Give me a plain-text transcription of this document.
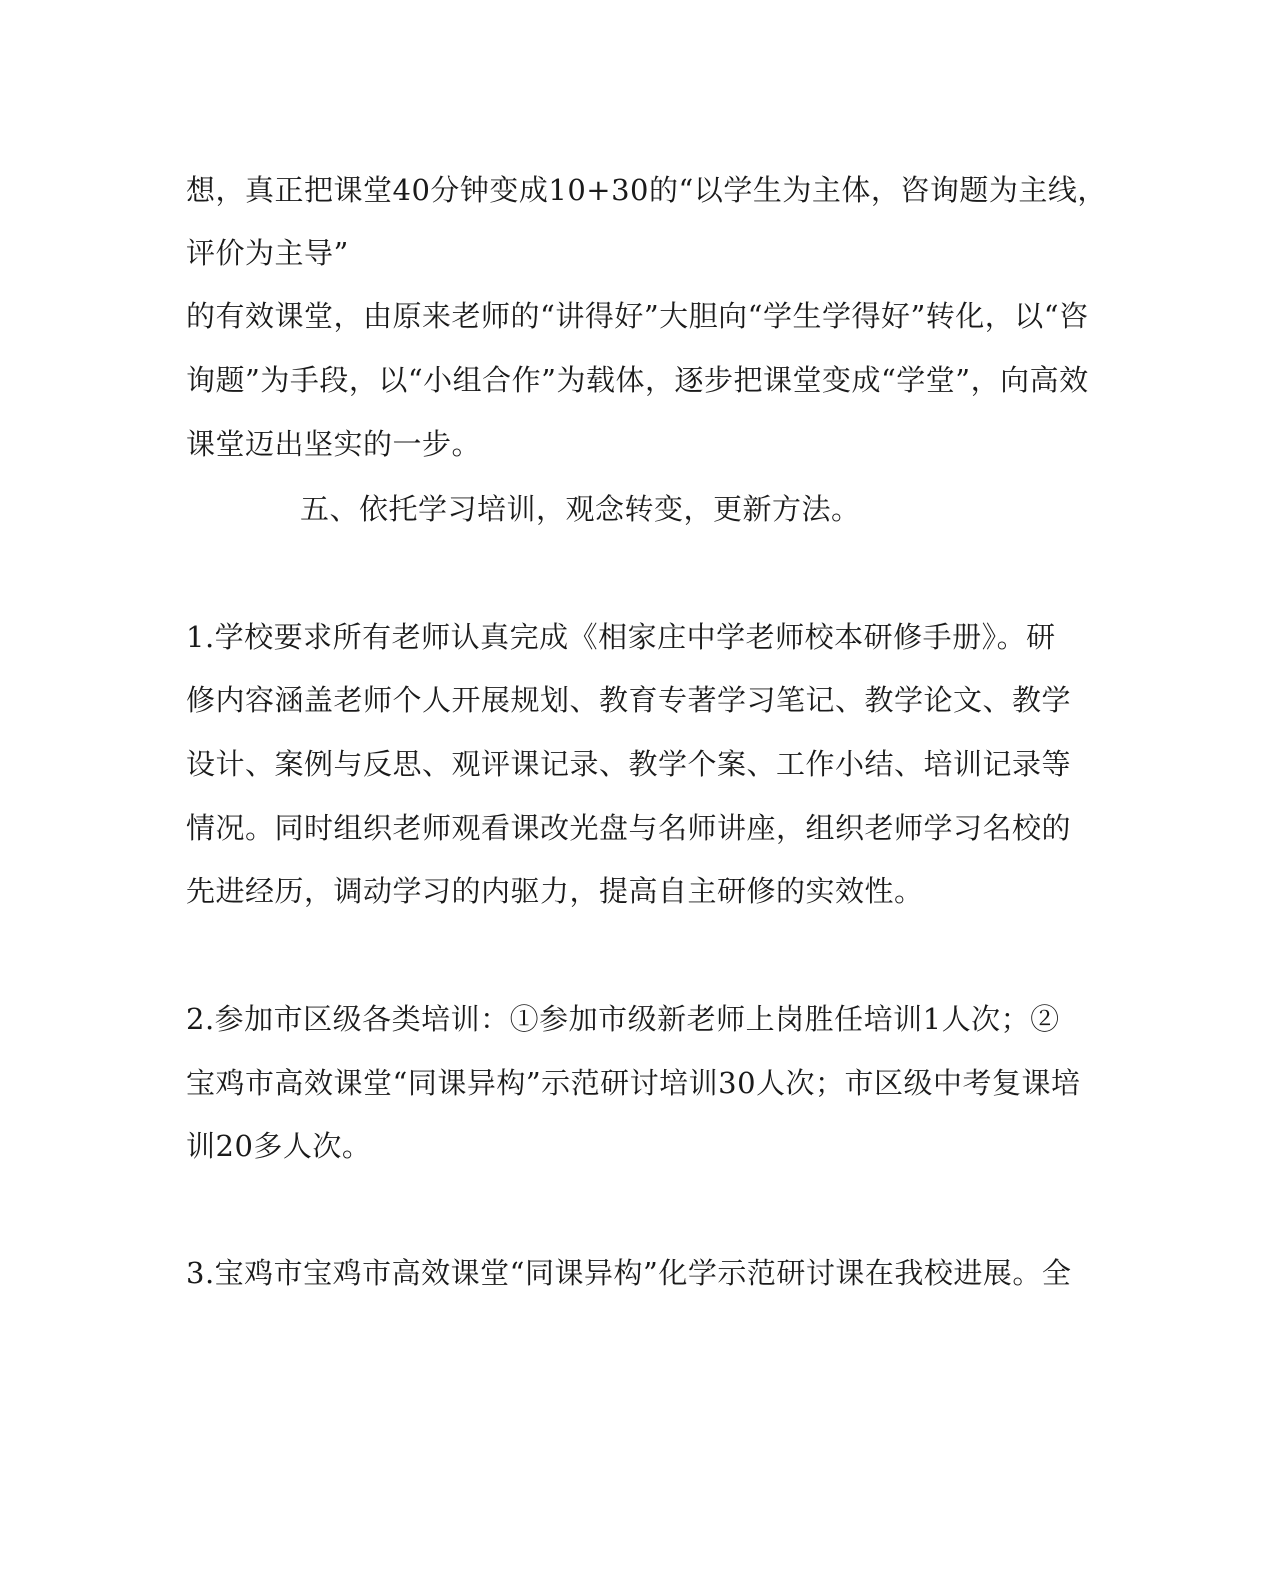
想，真正把课堂40分钟变成10+30的“以学生为主体，咨询题为主线，
评价为主导”
的有效课堂，由原来老师的“讲得好”大胆向“学生学得好”转化，以“咨
询题”为手段，以“小组合作”为载体，逐步把课堂变成“学堂”，向高效
课堂迈出坚实的一步。
五、依托学习培训，观念转变，更新方法。
1.学校要求所有老师认真完成《相家庄中学老师校本研修手册》。研
修内容涵盖老师个人开展规划、教育专著学习笔记、教学论文、教学
设计、案例与反思、观评课记录、教学个案、工作小结、培训记录等
情况。同时组织老师观看课改光盘与名师讲座，组织老师学习名校的
先进经历，调动学习的内驱力，提高自主研修的实效性。
2.参加市区级各类培训：①参加市级新老师上岗胜任培训1人次；②
宝鸡市高效课堂“同课异构”示范研讨培训30人次；市区级中考复课培
训20多人次。
3.宝鸡市宝鸡市高效课堂“同课异构”化学示范研讨课在我校进展。全
